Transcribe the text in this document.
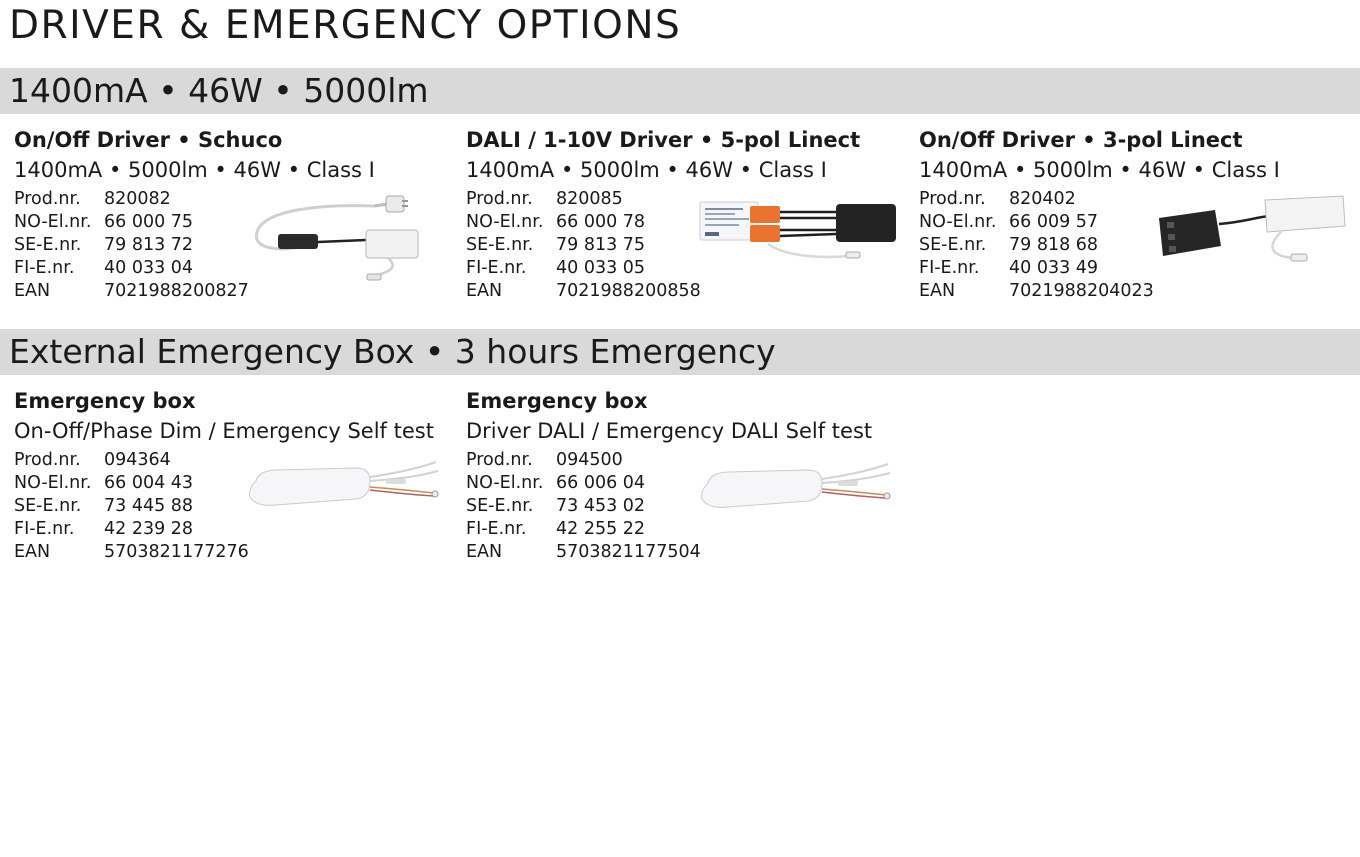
DRIVER & EMERGENCY OPTIONS
1400mA • 46W • 5000lm
On/Off Driver • Schuco
1400mA • 5000lm • 46W • Class I
Prod.nr.	820082
NO-El.nr. 66 000 75
SE-E.nr.	79 813 72
FI-E.nr.	40 033 04
EAN	7021988200827
DALI / 1-10V Driver • 5-pol Linect
1400mA • 5000lm • 46W • Class I
Prod.nr.	820085
NO-El.nr. 66 000 78
SE-E.nr.	79 813 75
FI-E.nr.	40 033 05
EAN	7021988200858
On/Off Driver • 3-pol Linect
1400mA • 5000lm • 46W • Class I
Prod.nr.	820402
NO-El.nr. 66 009 57
SE-E.nr.	79 818 68
FI-E.nr.	40 033 49
EAN	7021988204023
External Emergency Box • 3 hours Emergency
Emergency box
On-Off/Phase Dim / Emergency Self test
Prod.nr.	094364
NO-El.nr. 66 004 43
SE-E.nr.	73 445 88
FI-E.nr.	42 239 28
EAN	5703821177276
Emergency box
Driver DALI / Emergency DALI Self test
Prod.nr.	094500
NO-El.nr. 66 006 04
SE-E.nr.	73 453 02
FI-E.nr.	42 255 22
EAN	5703821177504
